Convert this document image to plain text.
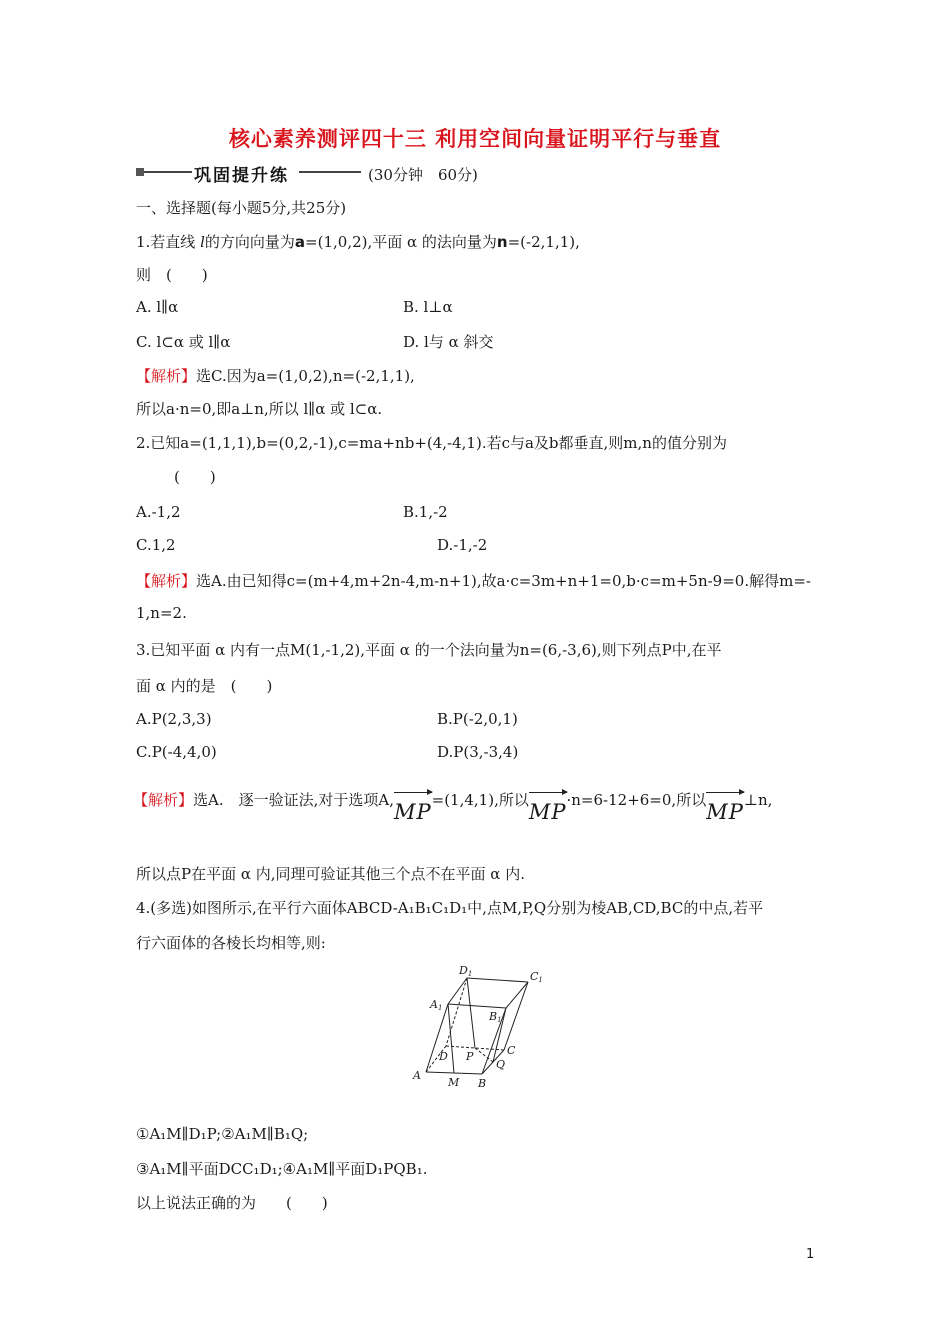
核心素养测评四十三 利用空间向量证明平行与垂直
巩固提升练	(30分钟　60分)
一、选择题(每小题5分,共25分)
1.若直线 l的方向向量为a=(1,0,2),平面 α 的法向量为n=(-2,1,1),
则　(　　)
A. l∥α	B. l⊥α
C. l⊂α 或 l∥α	D. l与 α 斜交
【解析】选C.因为a=(1,0,2),n=(-2,1,1),
所以a·n=0,即a⊥n,所以 l∥α 或 l⊂α.
2.已知a=(1,1,1),b=(0,2,-1),c=ma+nb+(4,-4,1).若c与a及b都垂直,则m,n的值分别为
(　　)
A.-1,2	B.1,-2
C.1,2	D.-1,-2
【解析】选A.由已知得c=(m+4,m+2n-4,m-n+1),故a·c=3m+n+1=0,b·c=m+5n-9=0.解得m=-
1,n=2.
3.已知平面 α 内有一点M(1,-1,2),平面 α 的一个法向量为n=(6,-3,6),则下列点P中,在平
面 α 内的是　(　　)
A.P(2,3,3)	B.P(-2,0,1)
C.P(-4,4,0)	D.P(3,-3,4)
【解析】选A.　逐一验证法,对于选项A,
MP=(1,4,1),所以
MP·n=6-12+6=0,所以
MP⊥n,
所以点P在平面 α 内,同理可验证其他三个点不在平面 α 内.
4.(多选)如图所示,在平行六面体ABCD-A₁B₁C₁D₁中,点M,P,Q分别为棱AB,CD,BC的中点,若平
行六面体的各棱长均相等,则:
D1	C1
A1
B1
A
B
C
D
M
P
Q
①A₁M∥D₁P;②A₁M∥B₁Q;
③A₁M∥平面DCC₁D₁;④A₁M∥平面D₁PQB₁.
以上说法正确的为　　(　　)
1
